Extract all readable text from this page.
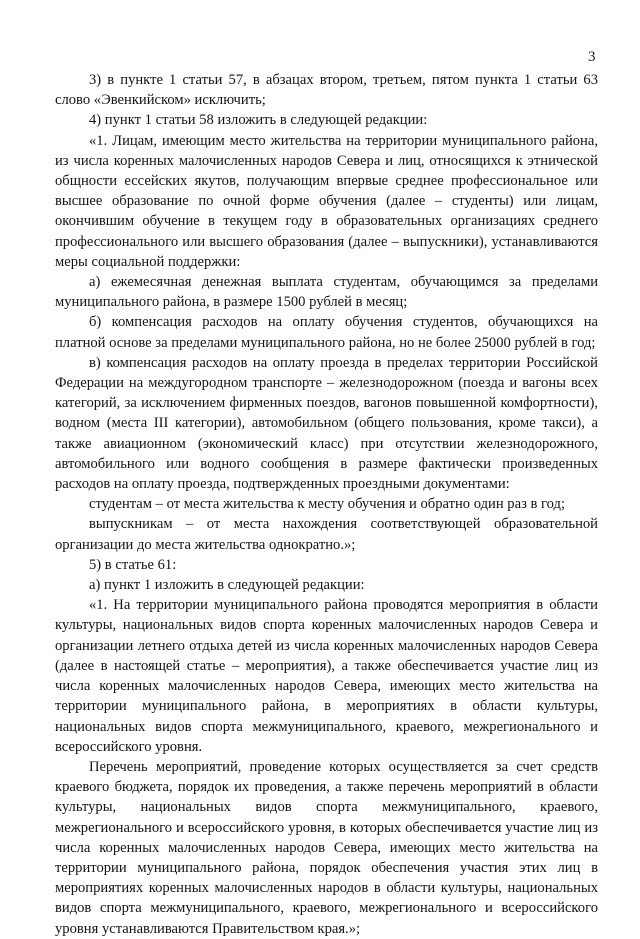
3

3) в пункте 1 статьи 57, в абзацах втором, третьем, пятом пункта 1 статьи 63 слово «Эвенкийском» исключить;

4) пункт 1 статьи 58 изложить в следующей редакции:

«1. Лицам, имеющим место жительства на территории муниципального района, из числа коренных малочисленных народов Севера и лиц, относящихся к этнической общности ессейских якутов, получающим впервые среднее профессиональное или высшее образование по очной форме обучения (далее – студенты) или лицам, окончившим обучение в текущем году в образовательных организациях среднего профессионального или высшего образования (далее – выпускники), устанавливаются меры социальной поддержки:

а) ежемесячная денежная выплата студентам, обучающимся за пределами муниципального района, в размере 1500 рублей в месяц;

б) компенсация расходов на оплату обучения студентов, обучающихся на платной основе за пределами муниципального района, но не более 25000 рублей в год;

в) компенсация расходов на оплату проезда в пределах территории Российской Федерации на междугородном транспорте – железнодорожном (поезда и вагоны всех категорий, за исключением фирменных поездов, вагонов повышенной комфортности), водном (места III категории), автомобильном (общего пользования, кроме такси), а также авиационном (экономический класс) при отсутствии железнодорожного, автомобильного или водного сообщения в размере фактически произведенных расходов на оплату проезда, подтвержденных проездными документами:

студентам – от места жительства к месту обучения и обратно один раз в год;

выпускникам – от места нахождения соответствующей образовательной организации до места жительства однократно.»;

5) в статье 61:

а) пункт 1 изложить в следующей редакции:

«1. На территории муниципального района проводятся мероприятия в области культуры, национальных видов спорта коренных малочисленных народов Севера и организации летнего отдыха детей из числа коренных малочисленных народов Севера (далее в настоящей статье – мероприятия), а также обеспечивается участие лиц из числа коренных малочисленных народов Севера, имеющих место жительства на территории муниципального района, в мероприятиях в области культуры, национальных видов спорта межмуниципального, краевого, межрегионального и всероссийского уровня.

Перечень мероприятий, проведение которых осуществляется за счет средств краевого бюджета, порядок их проведения, а также перечень мероприятий в области культуры, национальных видов спорта межмуниципального, краевого, межрегионального и всероссийского уровня, в которых обеспечивается участие лиц из числа коренных малочисленных народов Севера, имеющих место жительства на территории муниципального района, порядок обеспечения участия этих лиц в мероприятиях коренных малочисленных народов в области культуры, национальных видов спорта межмуниципального, краевого, межрегионального и всероссийского уровня устанавливаются Правительством края.»;
